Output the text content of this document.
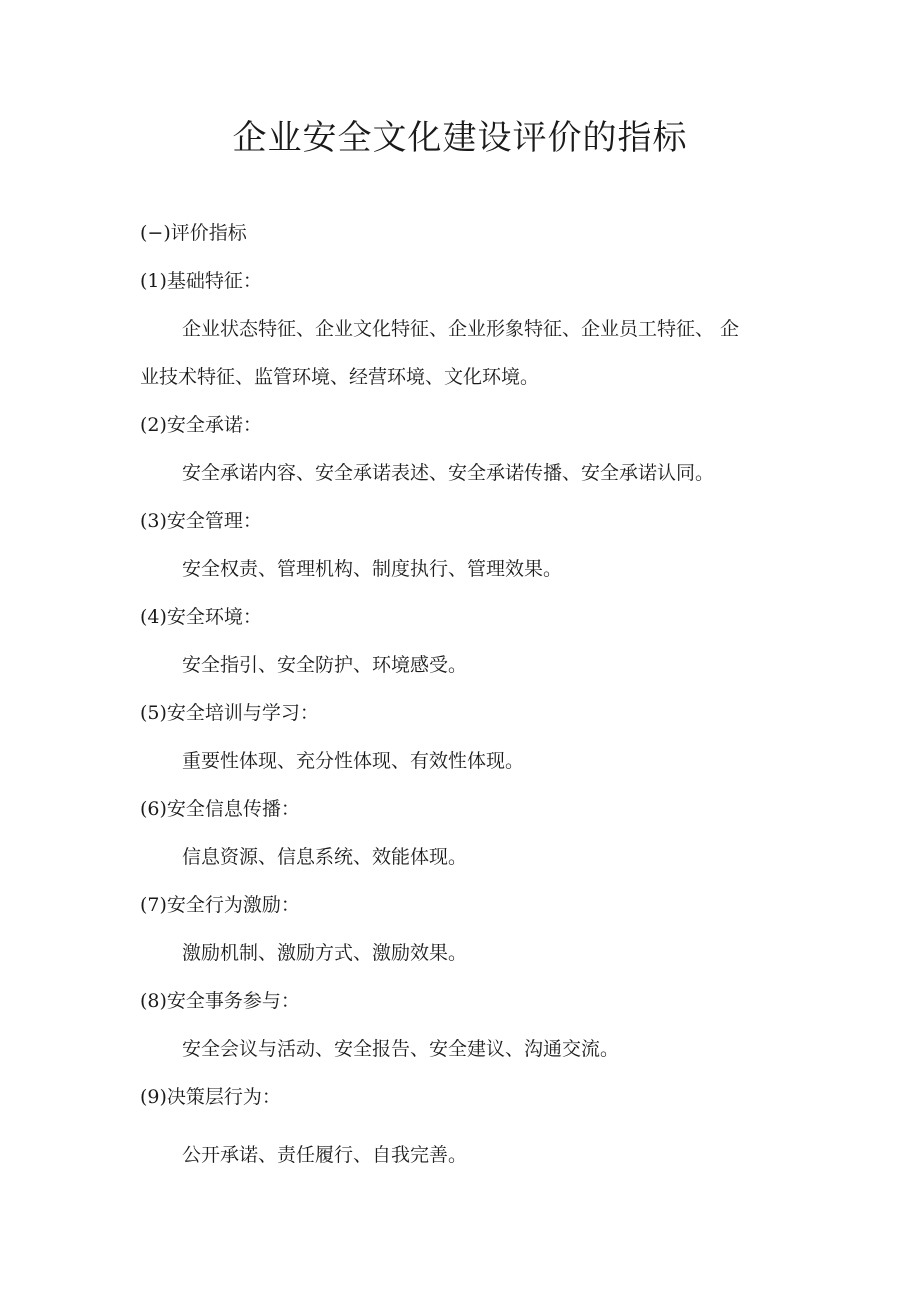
企业安全文化建设评价的指标

(−)评价指标

(1)基础特征：

企业状态特征、企业文化特征、企业形象特征、企业员工特征、 企

业技术特征、监管环境、经营环境、文化环境。

(2)安全承诺：

安全承诺内容、安全承诺表述、安全承诺传播、安全承诺认同。

(3)安全管理：

安全权责、管理机构、制度执行、管理效果。

(4)安全环境：

安全指引、安全防护、环境感受。

(5)安全培训与学习：

重要性体现、充分性体现、有效性体现。

(6)安全信息传播：

信息资源、信息系统、效能体现。

(7)安全行为激励：

激励机制、激励方式、激励效果。

(8)安全事务参与：

安全会议与活动、安全报告、安全建议、沟通交流。

(9)决策层行为：

公开承诺、责任履行、自我完善。
